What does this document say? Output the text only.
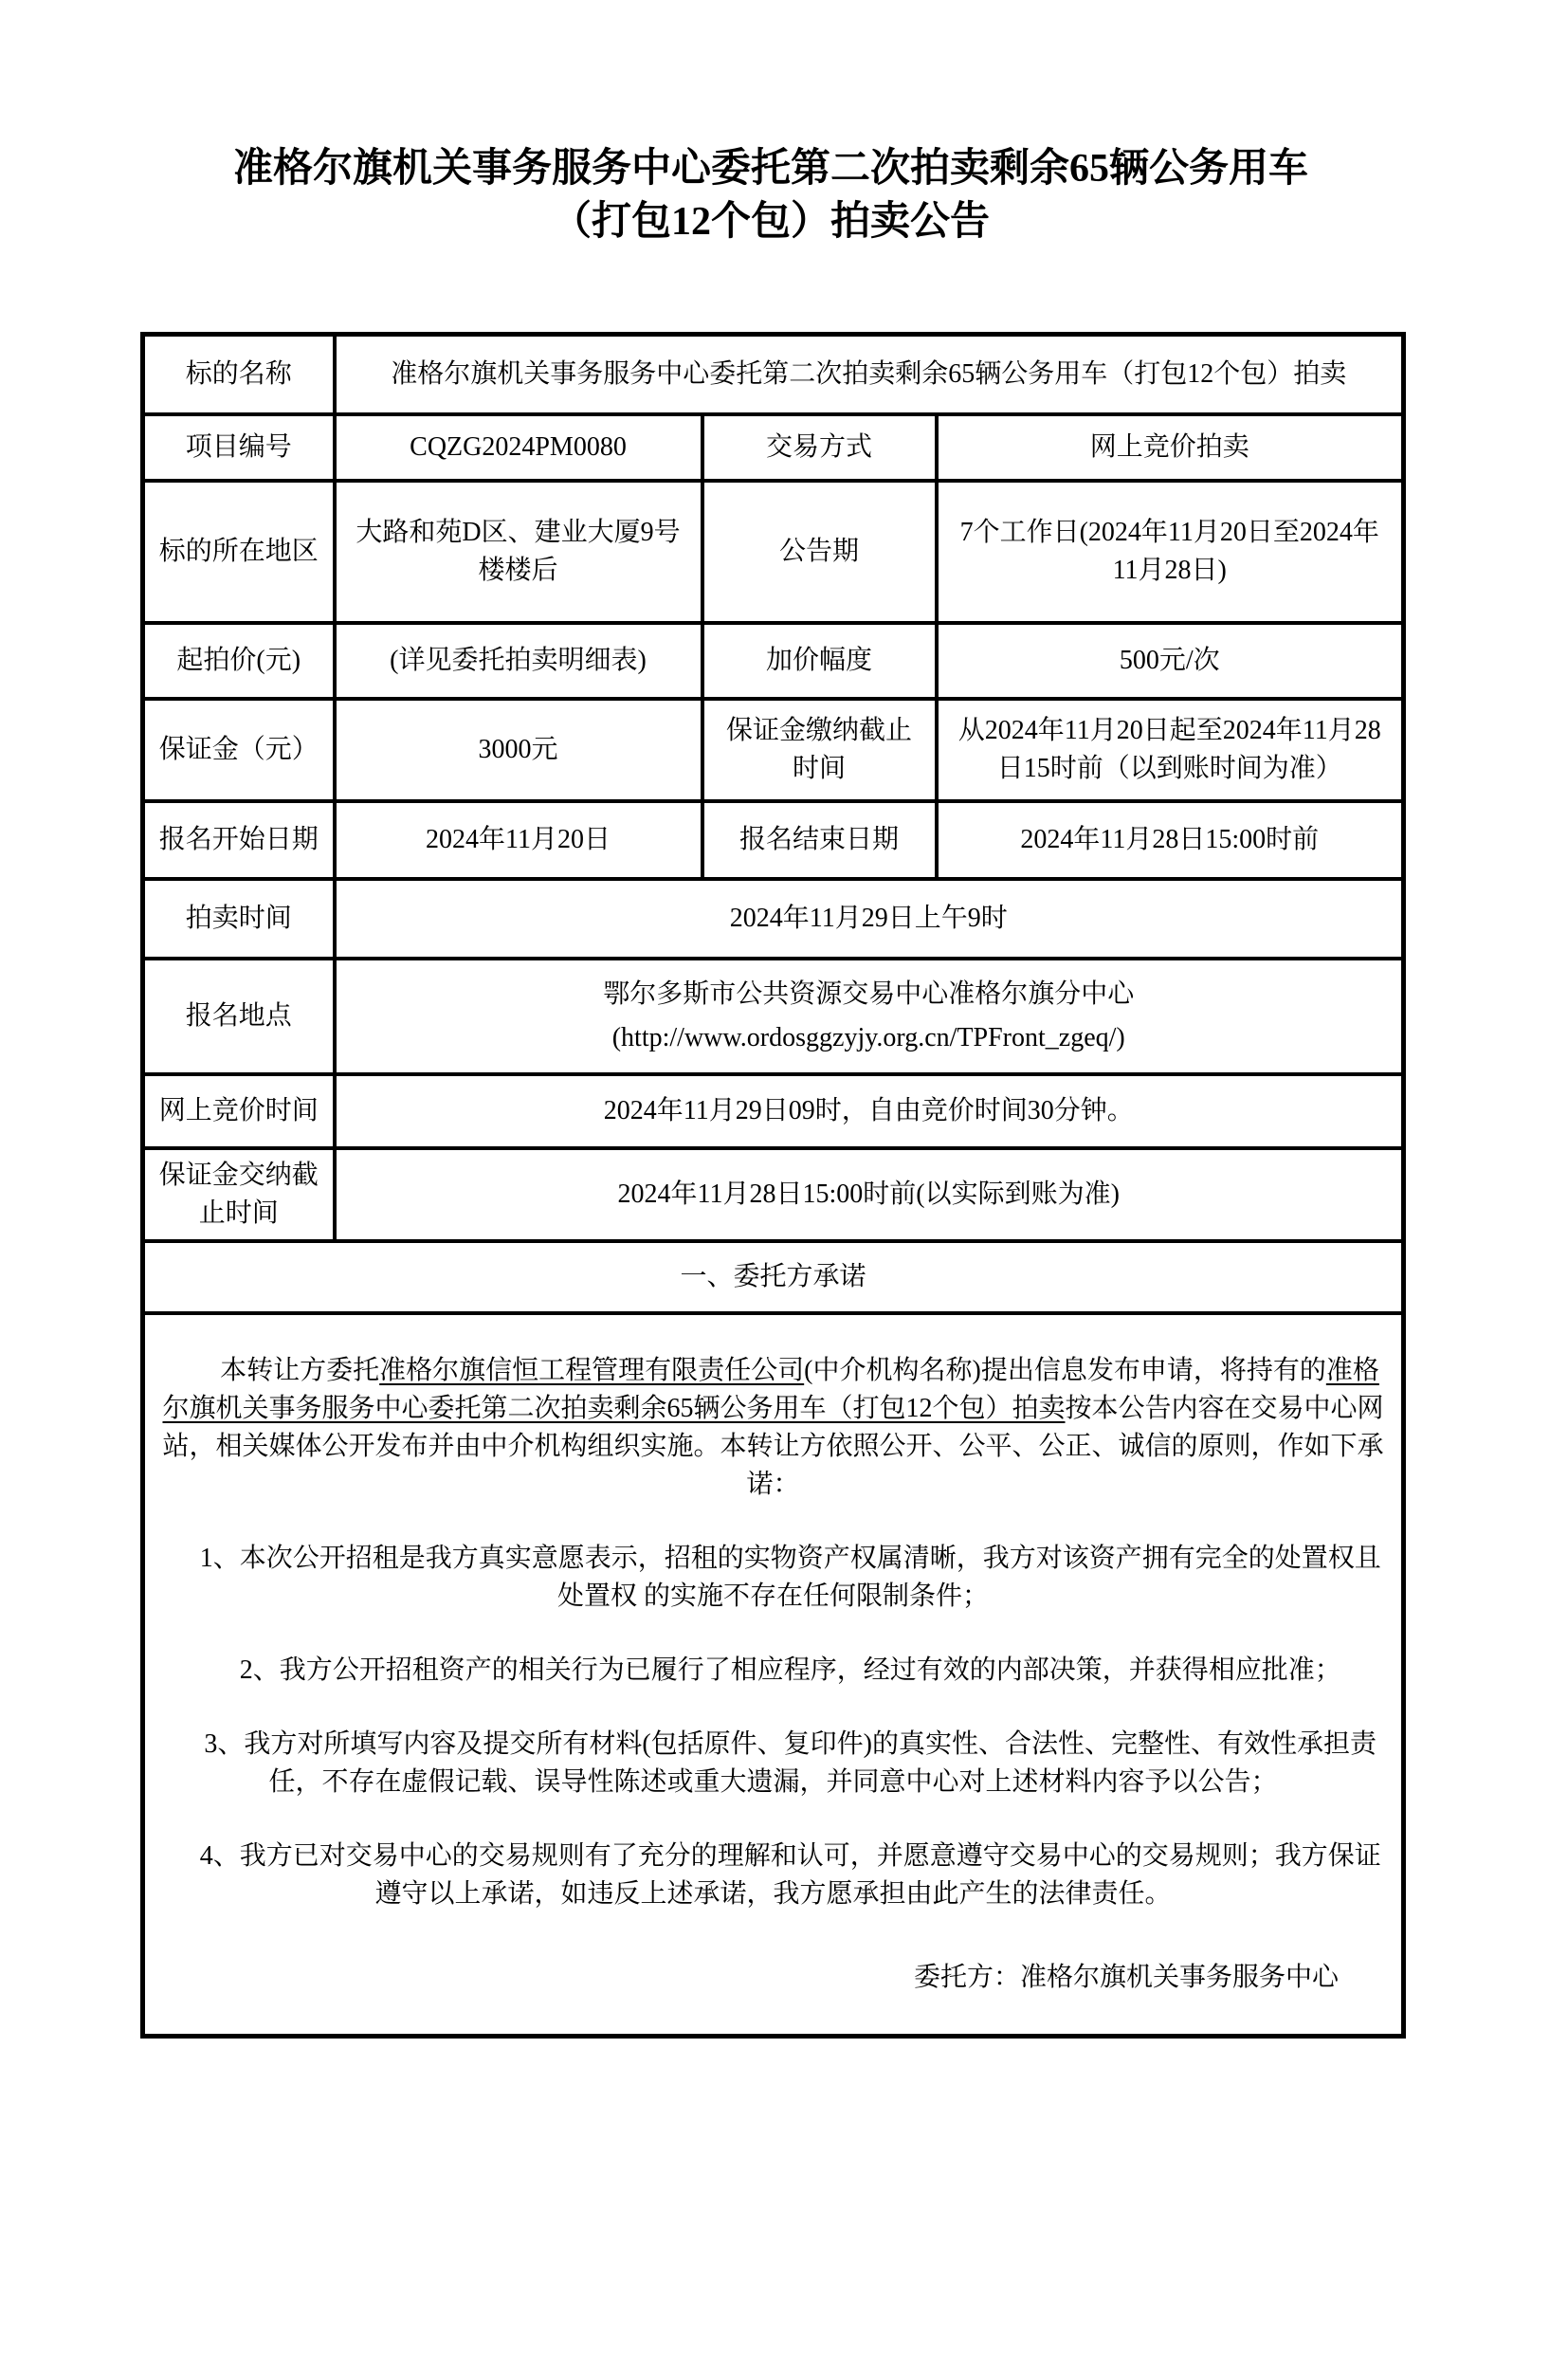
准格尔旗机关事务服务中心委托第二次拍卖剩余65辆公务用车
（打包12个包）拍卖公告
标的名称	准格尔旗机关事务服务中心委托第二次拍卖剩余65辆公务用车（打包12个包）拍卖		
项目编号	CQZG2024PM0080	交易方式	网上竞价拍卖
标的所在地区	大路和苑D区、建业大厦9号楼楼后	公告期	7个工作日(2024年11月20日至2024年11月28日)
起拍价(元)	(详见委托拍卖明细表)	加价幅度	500元/次
保证金（元）	3000元	保证金缴纳截止时间	从2024年11月20日起至2024年11月28日15时前（以到账时间为准）
报名开始日期	2024年11月20日	报名结束日期	2024年11月28日15:00时前
拍卖时间	2024年11月29日上午9时		
报名地点	鄂尔多斯市公共资源交易中心准格尔旗分中心
(http://www.ordosggzyjy.org.cn/TPFront_zgeq/)		

网上竞价时间	2024年11月29日09时，自由竞价时间30分钟。		
保证金交纳截止时间	2024年11月28日15:00时前(以实际到账为准)		
一、委托方承诺			

本转让方委托准格尔旗信恒工程管理有限责任公司(中介机构名称)提出信息发布申请，将持有的准格尔旗机关事务服务中心委托第二次拍卖剩余65辆公务用车（打包12个包）拍卖按本公告内容在交易中心网站，相关媒体公开发布并由中介机构组织实施。本转让方依照公开、公平、公正、诚信的原则，作如下承诺：

1、本次公开招租是我方真实意愿表示，招租的实物资产权属清晰，我方对该资产拥有完全的处置权且处置权 的实施不存在任何限制条件；

2、我方公开招租资产的相关行为已履行了相应程序，经过有效的内部决策，并获得相应批准；

3、我方对所填写内容及提交所有材料(包括原件、复印件)的真实性、合法性、完整性、有效性承担责任，不存在虚假记载、误导性陈述或重大遗漏，并同意中心对上述材料内容予以公告；

4、我方已对交易中心的交易规则有了充分的理解和认可，并愿意遵守交易中心的交易规则；我方保证遵守以上承诺，如违反上述承诺，我方愿承担由此产生的法律责任。

委托方：准格尔旗机关事务服务中心
